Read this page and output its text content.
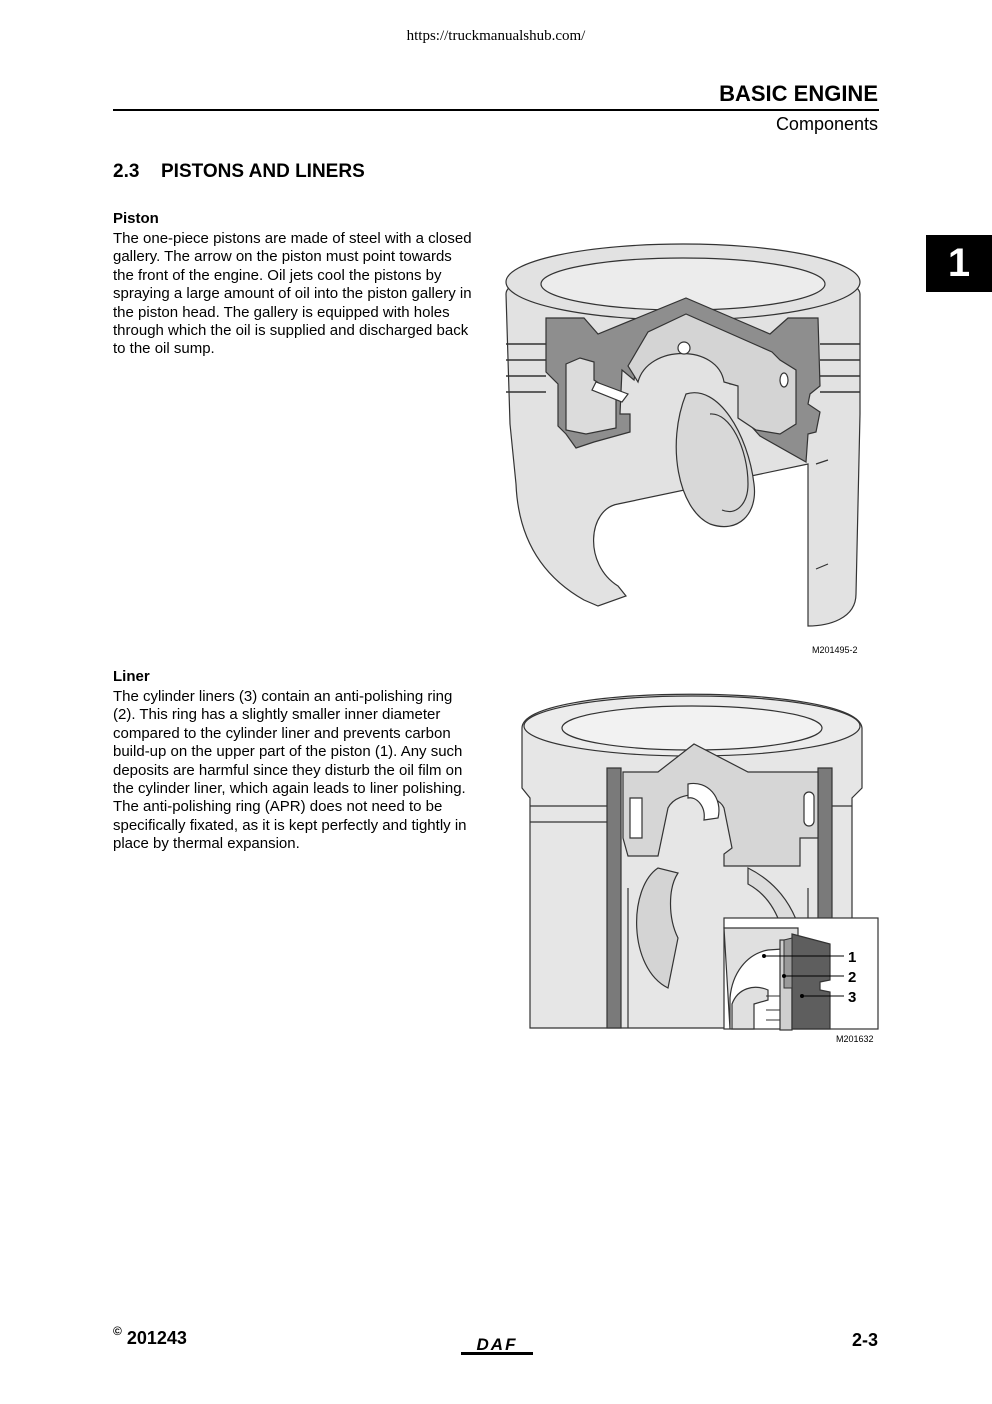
https://truckmanualshub.com/
BASIC ENGINE
Components
1
2.3 PISTONS AND LINERS
Piston
The one-piece pistons are made of steel with a closed gallery. The arrow on the piston must point towards the front of the engine. Oil jets cool the pistons by spraying a large amount of oil into the piston gallery in the piston head. The gallery is equipped with holes through which the oil is supplied and discharged back to the oil sump.
M201495-2
Liner
The cylinder liners (3) contain an anti-polishing ring (2). This ring has a slightly smaller inner diameter compared to the cylinder liner and prevents carbon build-up on the upper part of the piston (1). Any such deposits are harmful since they disturb the oil film on the cylinder liner, which again leads to liner polishing. The anti-polishing ring (APR) does not need to be specifically fixated, as it is kept perfectly and tightly in place by thermal expansion.
1
2
3
M201632
© 201243	DAF	2-3
